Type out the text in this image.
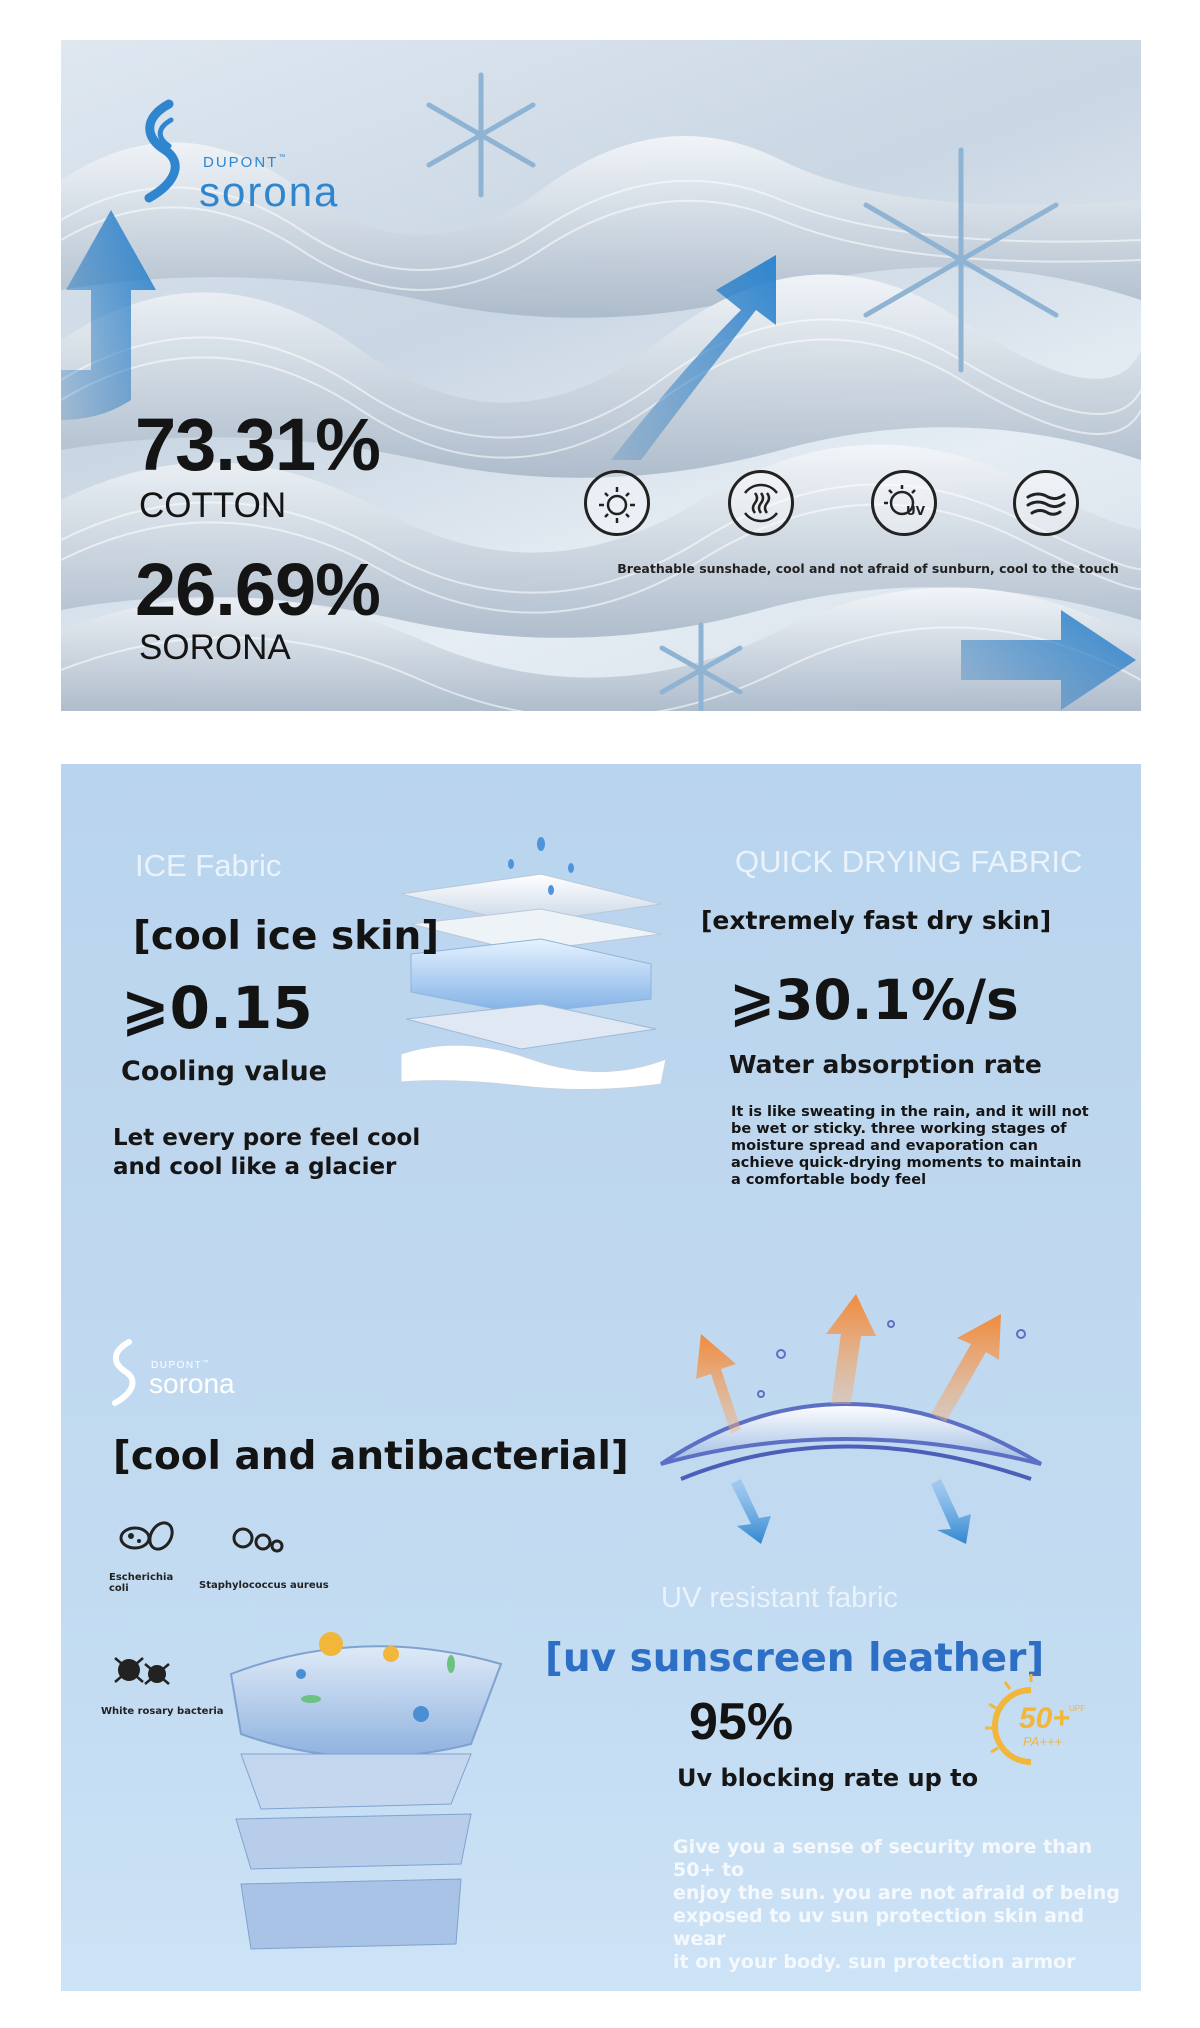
DUPONT™
sorona
73.31%
COTTON
26.69%
SORONA
UV
Breathable sunshade, cool and not afraid of sunburn, cool to the touch
ICE Fabric
[cool ice skin]
⩾0.15
Cooling value
Let every pore feel cool
and cool like a glacier
QUICK DRYING FABRIC
[extremely fast dry skin]
⩾30.1%/s
Water absorption rate
It is like sweating in the rain, and it will not
be wet or sticky. three working stages of
moisture spread and evaporation can
achieve quick-drying moments to maintain
a comfortable body feel
DUPONT™
sorona
[cool and antibacterial]
Escherichia
coli	Staphylococcus aureus
White rosary bacteria
UV resistant fabric
[uv sunscreen leather]
95%
Uv blocking rate up to
50+ UPF
PA+++
Give you a sense of security more than 50+ to
enjoy the sun. you are not afraid of being
exposed to uv sun protection skin and wear
it on your body. sun protection armor
